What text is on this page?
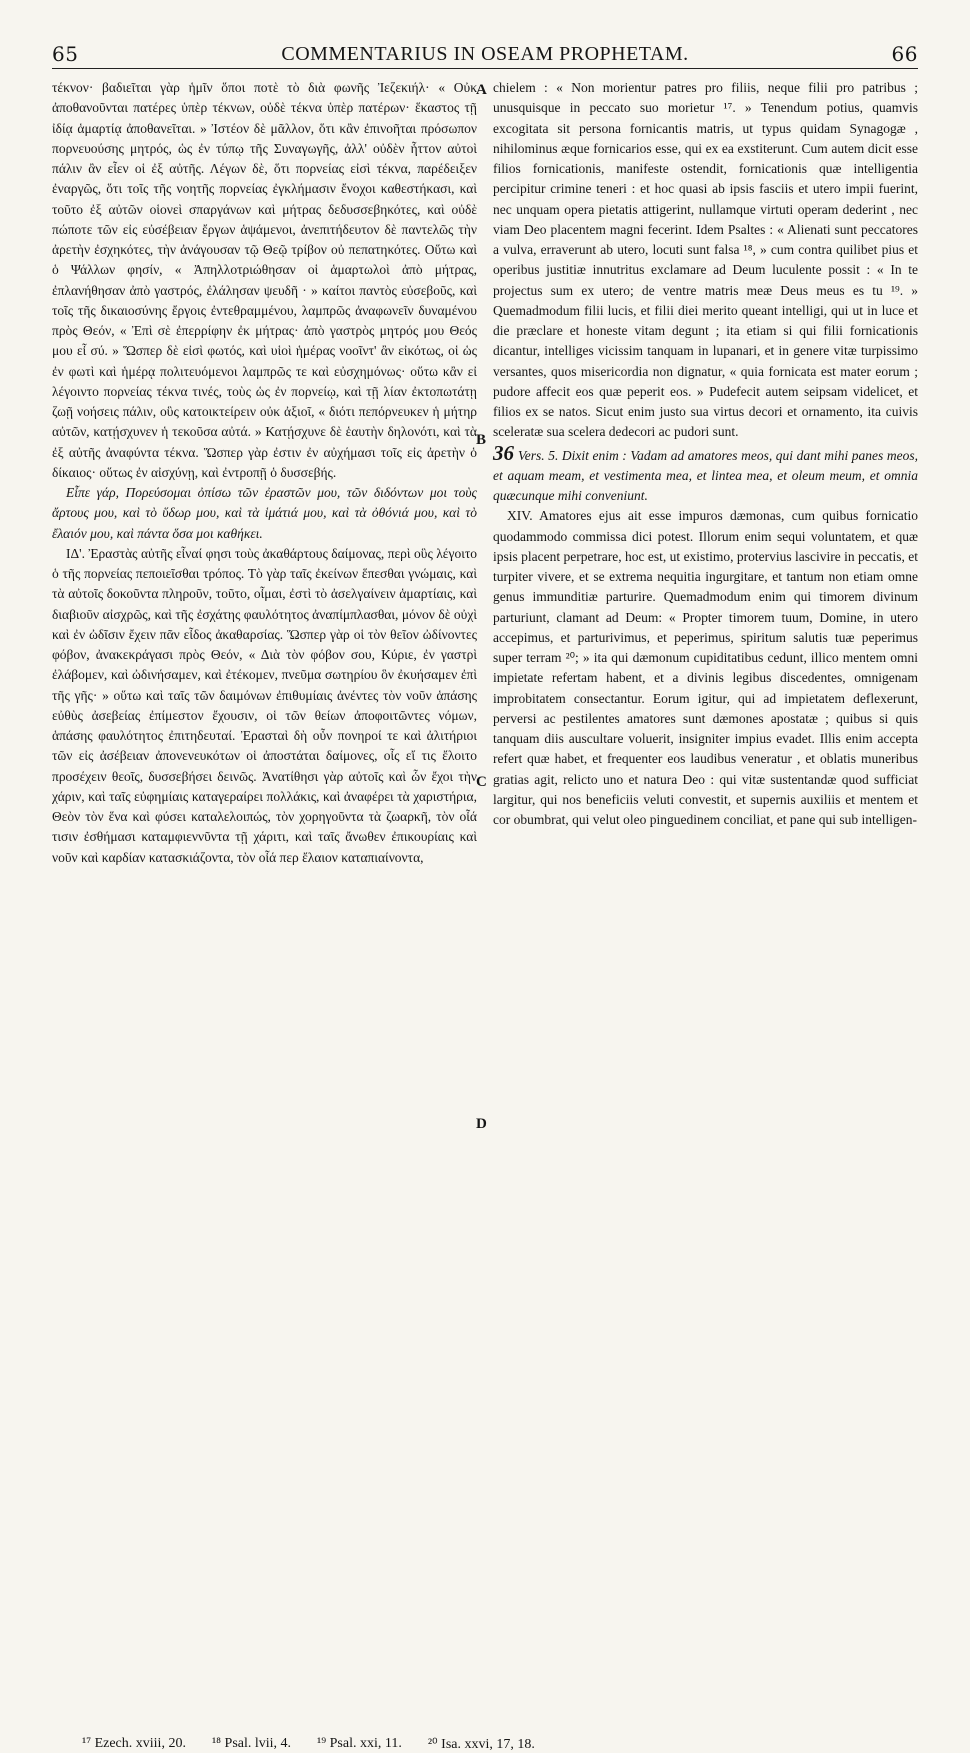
65	COMMENTARIUS IN OSEAM PROPHETAM.	66

τέκνον· βαδιεῖται γὰρ ἡμῖν ὅποι ποτὲ τὸ διὰ φωνῆς Ἰεζεκιήλ· « Οὐκ ἀποθανοῦνται πατέρες ὑπὲρ τέκνων, οὐδὲ τέκνα ὑπὲρ πατέρων· ἕκαστος τῇ ἰδίᾳ ἁμαρτίᾳ ἀποθανεῖται. » Ἰστέον δὲ μᾶλλον, ὅτι κἂν ἐπινοῆται πρόσωπον πορνευούσης μητρός, ὡς ἐν τύπῳ τῆς Συναγωγῆς, ἀλλ' οὐδὲν ἧττον αὐτοὶ πάλιν ἂν εἶεν οἱ ἐξ αὐτῆς. Λέγων δὲ, ὅτι πορνείας εἰσὶ τέκνα, παρέδειξεν ἐναργῶς, ὅτι τοῖς τῆς νοητῆς πορνείας ἐγκλήμασιν ἔνοχοι καθεστήκασι, καὶ τοῦτο ἐξ αὐτῶν οἱονεὶ σπαργάνων καὶ μήτρας δεδυσσεβηκότες, καὶ οὐδὲ πώποτε τῶν εἰς εὐσέβειαν ἔργων ἁψάμενοι, ἀνεπιτήδευτον δὲ παντελῶς τὴν ἀρετὴν ἐσχηκότες, τὴν ἀνάγουσαν τῷ Θεῷ τρίβον οὐ πεπατηκότες. Οὕτω καὶ ὁ Ψάλλων φησίν, « Ἀπηλλοτριώθησαν οἱ ἁμαρτωλοὶ ἀπὸ μήτρας, ἐπλανήθησαν ἀπὸ γαστρός, ἐλάλησαν ψευδῆ · » καίτοι παντὸς εὐσεβοῦς, καὶ τοῖς τῆς δικαιοσύνης ἔργοις ἐντεθραμμένου, λαμπρῶς ἀναφωνεῖν δυναμένου πρὸς Θεόν, « Ἐπὶ σὲ ἐπερρίφην ἐκ μήτρας· ἀπὸ γαστρὸς μητρός μου Θεός μου εἶ σύ. » Ὥσπερ δὲ εἰσὶ φωτός, καὶ υἱοὶ ἡμέρας νοοῖντ' ἂν εἰκότως, οἱ ὡς ἐν φωτὶ καὶ ἡμέρᾳ πολιτευόμενοι λαμπρῶς τε καὶ εὐσχημόνως· οὕτω κἂν εἰ λέγοιντο πορνείας τέκνα τινές, τοὺς ὡς ἐν πορνείῳ, καὶ τῇ λίαν ἐκτοπωτάτῃ ζωῇ νοήσεις πάλιν, οὓς κατοικτείρειν οὐκ ἀξιοῖ, « διότι πεπόρνευκεν ἡ μήτηρ αὐτῶν, κατῄσχυνεν ἡ τεκοῦσα αὐτά. » Κατῄσχυνε δὲ ἑαυτὴν δηλονότι, καὶ τὰ ἐξ αὐτῆς ἀναφύντα τέκνα. Ὥσπερ γὰρ ἐστιν ἐν αὐχήμασι τοῖς εἰς ἀρετὴν ὁ δίκαιος· οὕτως ἐν αἰσχύνῃ, καὶ ἐντροπῇ ὁ δυσσεβής.

Εἶπε γάρ, Πορεύσομαι ὀπίσω τῶν ἐραστῶν μου, τῶν διδόντων μοι τοὺς ἄρτους μου, καὶ τὸ ὕδωρ μου, καὶ τὰ ἱμάτιά μου, καὶ τὰ ὀθόνιά μου, καὶ τὸ ἔλαιόν μου, καὶ πάντα ὅσα μοι καθήκει.

ΙΔ'. Ἐραστὰς αὐτῆς εἶναί φησι τοὺς ἀκαθάρτους δαίμονας, περὶ οὓς λέγοιτο ὁ τῆς πορνείας πεποιεῖσθαι τρόπος. Τὸ γὰρ ταῖς ἐκείνων ἕπεσθαι γνώμαις, καὶ τὰ αὐτοῖς δοκοῦντα πληροῦν, τοῦτο, οἶμαι, ἐστὶ τὸ ἀσελγαίνειν ἁμαρτίαις, καὶ διαβιοῦν αἰσχρῶς, καὶ τῆς ἐσχάτης φαυλότητος ἀναπίμπλασθαι, μόνον δὲ οὐχὶ καὶ ἐν ὠδῖσιν ἔχειν πᾶν εἶδος ἀκαθαρσίας. Ὥσπερ γὰρ οἱ τὸν θεῖον ὠδίνοντες φόβον, ἀνακεκράγασι πρὸς Θεόν, « Διὰ τὸν φόβον σου, Κύριε, ἐν γαστρὶ ἐλάβομεν, καὶ ὠδινήσαμεν, καὶ ἐτέκομεν, πνεῦμα σωτηρίου ὃν ἐκυήσαμεν ἐπὶ τῆς γῆς· » οὕτω καὶ ταῖς τῶν δαιμόνων ἐπιθυμίαις ἀνέντες τὸν νοῦν ἁπάσης εὐθὺς ἀσεβείας ἐπίμεστον ἔχουσιν, οἱ τῶν θείων ἀποφοιτῶντες νόμων, ἁπάσης φαυλότητος ἐπιτηδευταί. Ἐρασταὶ δὴ οὖν πονηροί τε καὶ ἀλιτήριοι τῶν εἰς ἀσέβειαν ἀπονενευκότων οἱ ἀποστάται δαίμονες, οἷς εἴ τις ἔλοιτο προσέχειν θεοῖς, δυσσεβήσει δεινῶς. Ἀνατίθησι γὰρ αὐτοῖς καὶ ὧν ἔχοι τὴν χάριν, καὶ ταῖς εὐφημίαις καταγεραίρει πολλάκις, καὶ ἀναφέρει τὰ χαριστήρια, Θεὸν τὸν ἕνα καὶ φύσει καταλελοιπώς, τὸν χορηγοῦντα τὰ ζωαρκῆ, τὸν οἷά τισιν ἐσθήμασι καταμφιεννῦντα τῇ χάριτι, καὶ ταῖς ἄνωθεν ἐπικουρίαις καὶ νοῦν καὶ καρδίαν κατασκιάζοντα, τὸν οἷά περ ἔλαιον καταπιαίνοντα,

chielem : « Non morientur patres pro filiis, neque filii pro patribus ; unusquisque in peccato suo morietur ¹⁷. » Tenendum potius, quamvis excogitata sit persona fornicantis matris, ut typus quidam Synagogæ , nihilominus æque fornicarios esse, qui ex ea exstiterunt. Cum autem dicit esse filios fornicationis, manifeste ostendit, fornicationis quæ intelligentia percipitur crimine teneri : et hoc quasi ab ipsis fasciis et utero impii fuerint, nec unquam opera pietatis attigerint, nullamque virtuti operam dederint , nec viam Deo placentem magni fecerint. Idem Psaltes : « Alienati sunt peccatores a vulva, erraverunt ab utero, locuti sunt falsa ¹⁸, » cum contra quilibet pius et operibus justitiæ innutritus exclamare ad Deum luculente possit : « In te projectus sum ex utero; de ventre matris meæ Deus meus es tu ¹⁹. » Quemadmodum filii lucis, et filii diei merito queant intelligi, qui ut in luce et die præclare et honeste vitam degunt ; ita etiam si qui filii fornicationis dicantur, intelliges vicissim tanquam in lupanari, et in genere vitæ turpissimo versantes, quos misericordia non dignatur, « quia fornicata est mater eorum ; pudore affecit eos quæ peperit eos. » Pudefecit autem seipsam videlicet, et filios ex se natos. Sicut enim justo sua virtus decori et ornamento, ita cuivis sceleratæ sua scelera dedecori ac pudori sunt.

36 Vers. 5. Dixit enim : Vadam ad amatores meos, qui dant mihi panes meos, et aquam meam, et vestimenta mea, et lintea mea, et oleum meum, et omnia quæcunque mihi conveniunt.

XIV. Amatores ejus ait esse impuros dæmonas, cum quibus fornicatio quodammodo commissa dici potest. Illorum enim sequi voluntatem, et quæ ipsis placent perpetrare, hoc est, ut existimo, protervius lascivire in peccatis, et turpiter vivere, et se extrema nequitia ingurgitare, et tantum non etiam omne genus immunditiæ parturire. Quemadmodum enim qui timorem divinum parturiunt, clamant ad Deum: « Propter timorem tuum, Domine, in utero accepimus, et parturivimus, et peperimus, spiritum salutis tuæ peperimus super terram ²⁰; » ita qui dæmonum cupiditatibus cedunt, illico mentem omni impietate refertam habent, et a divinis legibus discedentes, omnigenam improbitatem consectantur. Eorum igitur, qui ad impietatem deflexerunt, perversi ac pestilentes amatores sunt dæmones apostatæ ; quibus si quis tanquam diis auscultare voluerit, insigniter impius evadet. Illis enim accepta refert quæ habet, et frequenter eos laudibus veneratur , et oblatis muneribus gratias agit, relicto uno et natura Deo : qui vitæ sustentandæ quod sufficiat largitur, qui nos beneficiis veluti convestit, et supernis auxiliis et mentem et cor obumbrat, qui velut oleo pinguedinem conciliat, et pane qui sub intelligen-

A
B
C
D
¹⁷ Ezech. xviii, 20. ¹⁸ Psal. lvii, 4. ¹⁹ Psal. xxi, 11. ²⁰ Isa. xxvi, 17, 18.
